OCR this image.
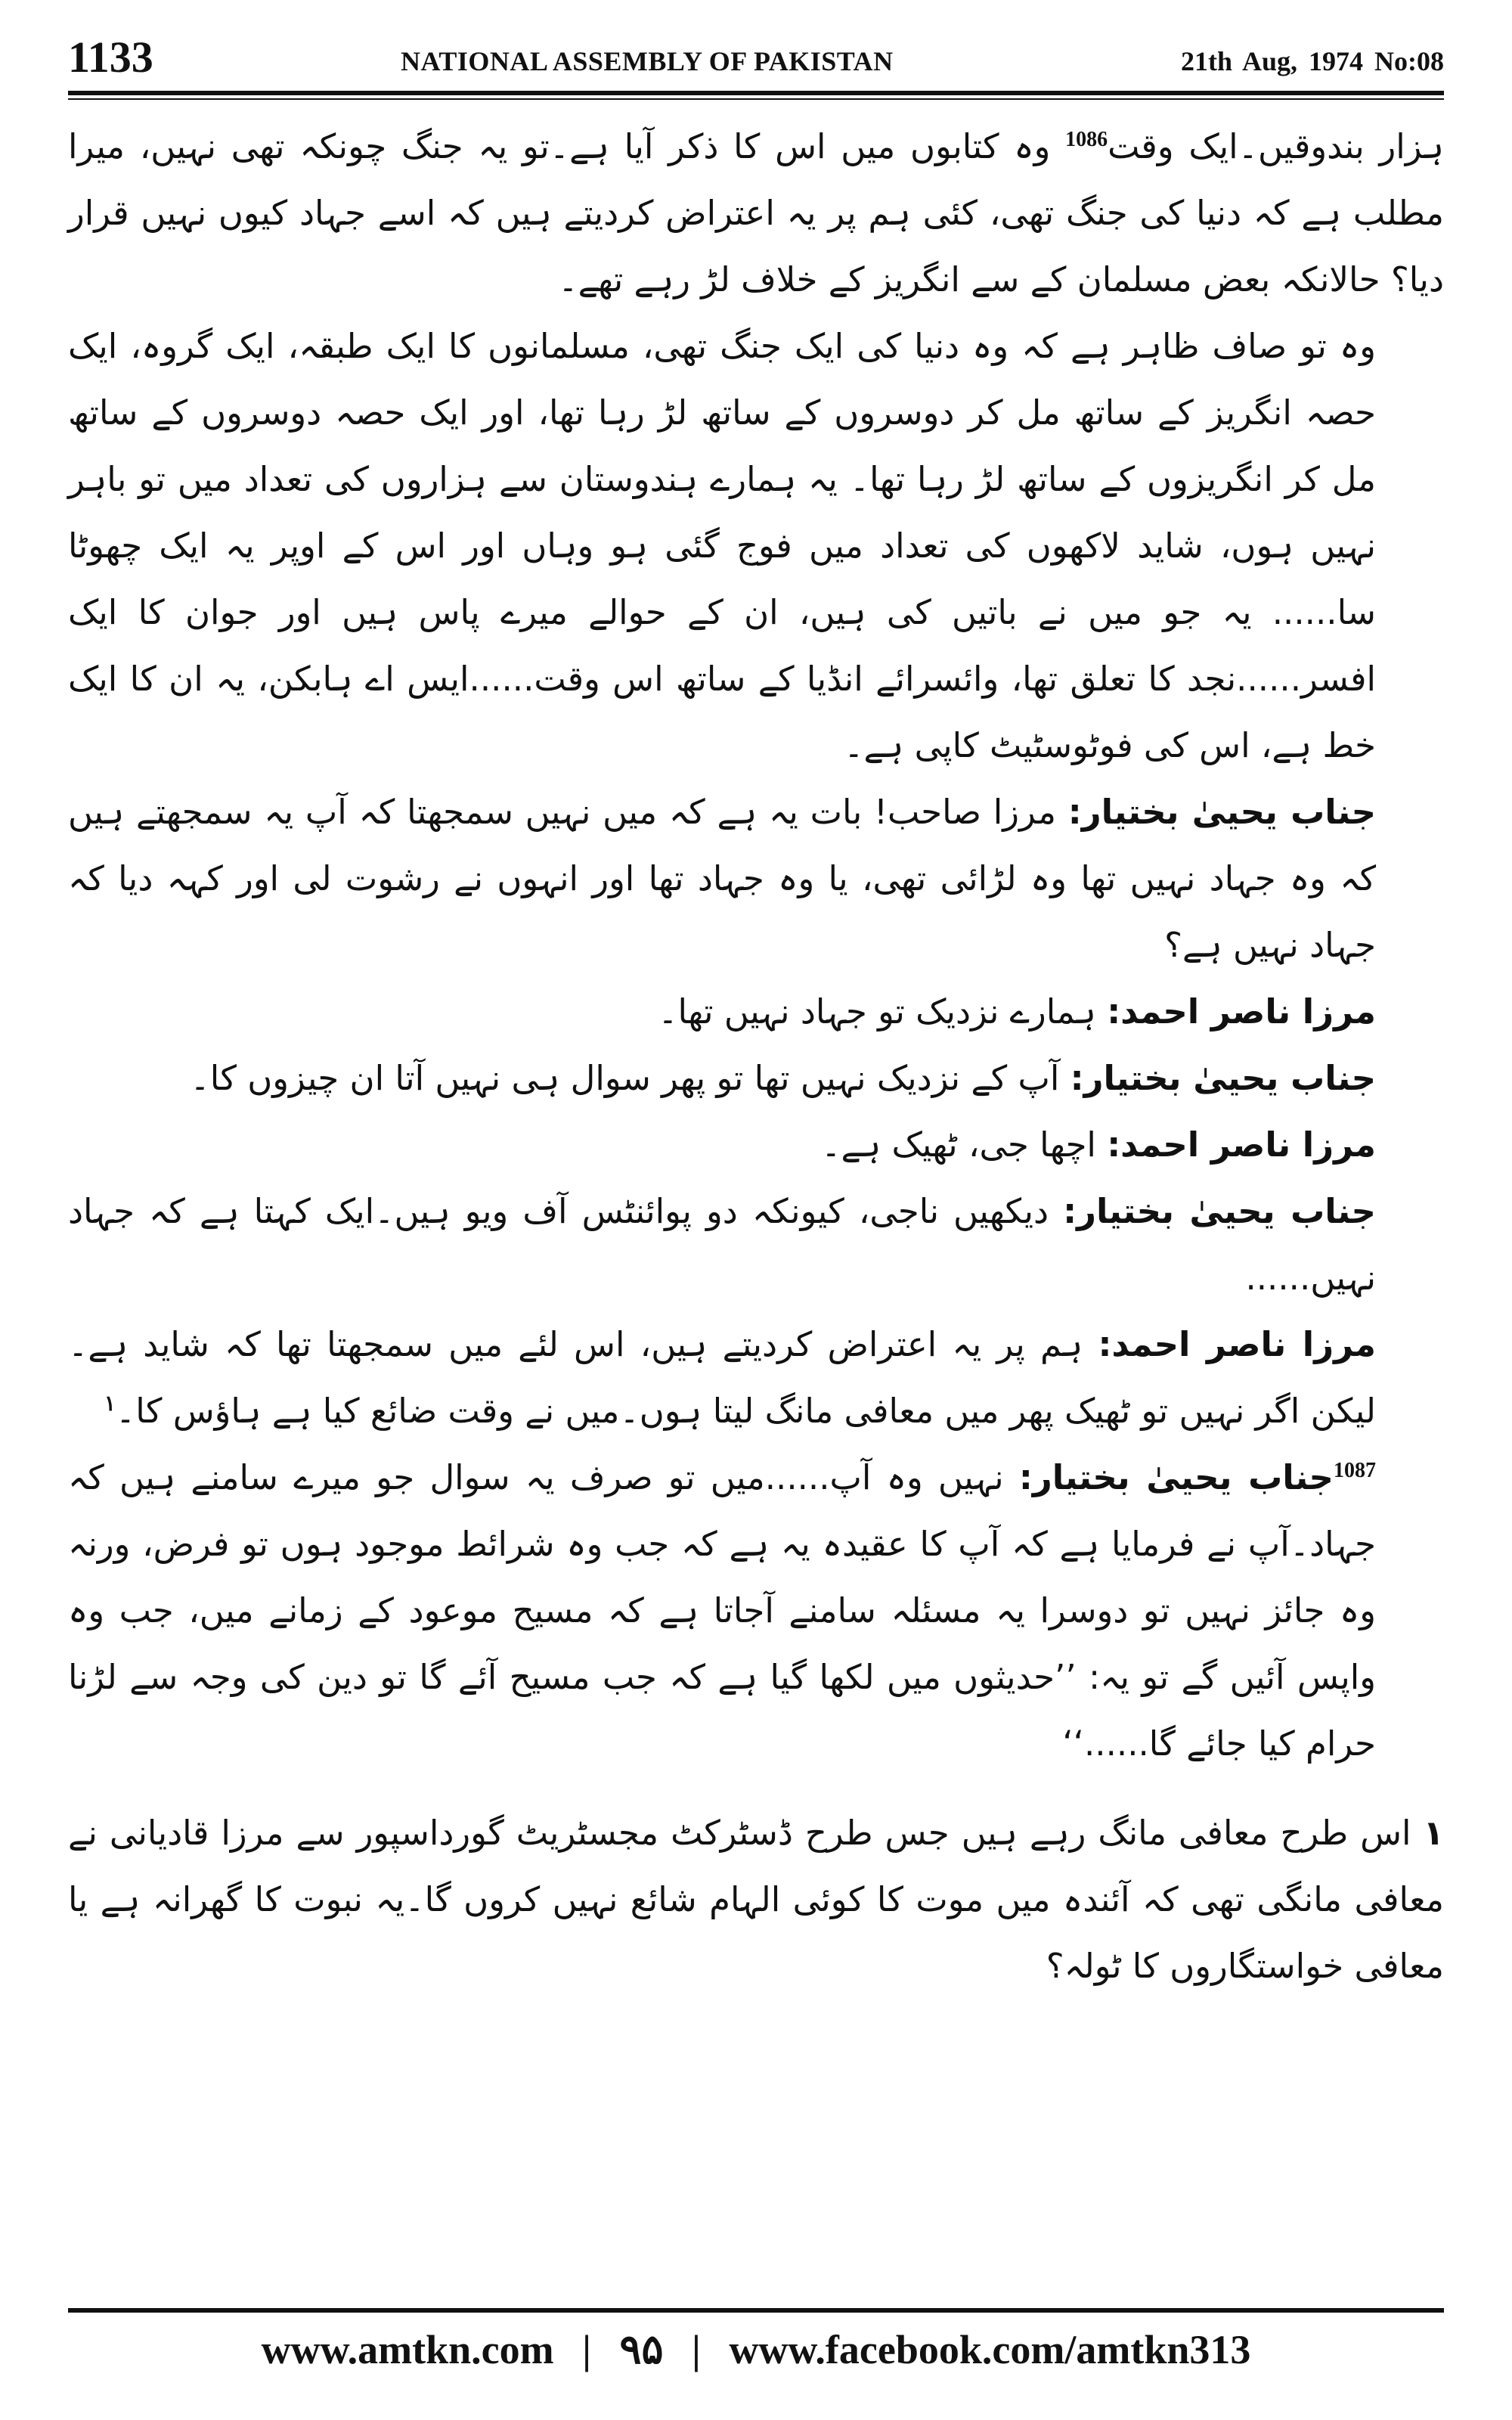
1133	NATIONAL ASSEMBLY OF PAKISTAN	21th Aug, 1974 No:08

ہزار بندوقیں۔ایک وقت$^{1086}$ وہ کتابوں میں اس کا ذکر آیا ہے۔تو یہ جنگ چونکہ تھی نہیں، میرا مطلب ہے کہ دنیا کی جنگ تھی، کئی ہم پر یہ اعتراض کردیتے ہیں کہ اسے جہاد کیوں نہیں قرار دیا؟ حالانکہ بعض مسلمان کے سے انگریز کے خلاف لڑ رہے تھے۔

وہ تو صاف ظاہر ہے کہ وہ دنیا کی ایک جنگ تھی، مسلمانوں کا ایک طبقہ، ایک گروہ، ایک حصہ انگریز کے ساتھ مل کر دوسروں کے ساتھ لڑ رہا تھا، اور ایک حصہ دوسروں کے ساتھ مل کر انگریزوں کے ساتھ لڑ رہا تھا۔ یہ ہمارے ہندوستان سے ہزاروں کی تعداد میں تو باہر نہیں ہوں، شاید لاکھوں کی تعداد میں فوج گئی ہو وہاں اور اس کے اوپر یہ ایک چھوٹا سا...... یہ جو میں نے باتیں کی ہیں، ان کے حوالے میرے پاس ہیں اور جوان کا ایک افسر......نجد کا تعلق تھا، وائسرائے انڈیا کے ساتھ اس وقت......ایس اے ہابکن، یہ ان کا ایک خط ہے، اس کی فوٹوسٹیٹ کاپی ہے۔

جناب یحییٰ بختیار: مرزا صاحب! بات یہ ہے کہ میں نہیں سمجھتا کہ آپ یہ سمجھتے ہیں کہ وہ جہاد نہیں تھا وہ لڑائی تھی، یا وہ جہاد تھا اور انہوں نے رشوت لی اور کہہ دیا کہ جہاد نہیں ہے؟

مرزا ناصر احمد: ہمارے نزدیک تو جہاد نہیں تھا۔

جناب یحییٰ بختیار: آپ کے نزدیک نہیں تھا تو پھر سوال ہی نہیں آتا ان چیزوں کا۔

مرزا ناصر احمد: اچھا جی، ٹھیک ہے۔

جناب یحییٰ بختیار: دیکھیں ناجی، کیونکہ دو پوائنٹس آف ویو ہیں۔ایک کہتا ہے کہ جہاد نہیں......

مرزا ناصر احمد: ہم پر یہ اعتراض کردیتے ہیں، اس لئے میں سمجھتا تھا کہ شاید ہے۔ لیکن اگر نہیں تو ٹھیک پھر میں معافی مانگ لیتا ہوں۔میں نے وقت ضائع کیا ہے ہاؤس کا۔$^۱$

$^{1087}$جناب یحییٰ بختیار: نہیں وہ آپ......میں تو صرف یہ سوال جو میرے سامنے ہیں کہ جہاد۔آپ نے فرمایا ہے کہ آپ کا عقیدہ یہ ہے کہ جب وہ شرائط موجود ہوں تو فرض، ورنہ وہ جائز نہیں تو دوسرا یہ مسئلہ سامنے آجاتا ہے کہ مسیح موعود کے زمانے میں، جب وہ واپس آئیں گے تو یہ: ’’حدیثوں میں لکھا گیا ہے کہ جب مسیح آئے گا تو دین کی وجہ سے لڑنا حرام کیا جائے گا......‘‘

۱ اس طرح معافی مانگ رہے ہیں جس طرح ڈسٹرکٹ مجسٹریٹ گورداسپور سے مرزا قادیانی نے معافی مانگی تھی کہ آئندہ میں موت کا کوئی الہام شائع نہیں کروں گا۔یہ نبوت کا گھرانہ ہے یا معافی خواستگاروں کا ٹولہ؟

www.amtkn.com | ۹۵ | www.facebook.com/amtkn313
